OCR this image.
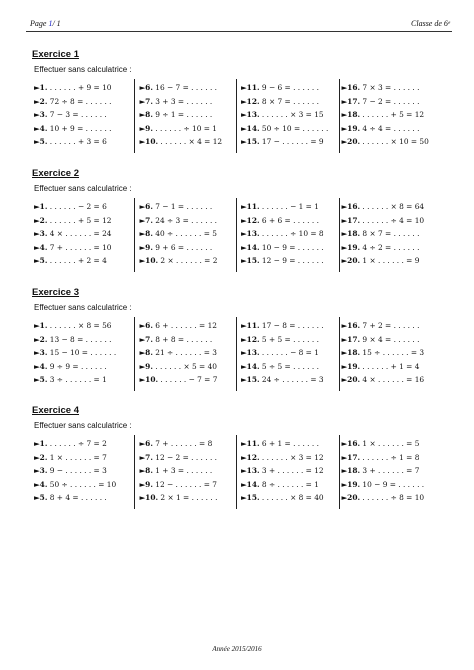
Page 1/ 1	Classe de 6ᵉ
Exercice 1
Effectuer sans calculatrice :
►1. . . . . . . + 9 = 10
►2. 72 ÷ 8 = . . . . . .
►3. 7 − 3 = . . . . . .
►4. 10 + 9 = . . . . . .
►5. . . . . . . + 3 = 6
►6. 16 − 7 = . . . . . .
►7. 3 + 3 = . . . . . .
►8. 9 ÷ 1 = . . . . . .
►9. . . . . . . ÷ 10 = 1
►10. . . . . . . × 4 = 12
►11. 9 − 6 = . . . . . .
►12. 8 × 7 = . . . . . .
►13. . . . . . . × 3 = 15
►14. 50 ÷ 10 = . . . . . .
►15. 17 − . . . . . . = 9
►16. 7 × 3 = . . . . . .
►17. 7 − 2 = . . . . . .
►18. . . . . . . + 5 = 12
►19. 4 ÷ 4 = . . . . . .
►20. . . . . . . × 10 = 50
Exercice 2
Effectuer sans calculatrice :
►1. . . . . . . − 2 = 6
►2. . . . . . . + 5 = 12
►3. 4 × . . . . . . = 24
►4. 7 + . . . . . . = 10
►5. . . . . . . + 2 = 4
►6. 7 − 1 = . . . . . .
►7. 24 ÷ 3 = . . . . . .
►8. 40 ÷ . . . . . . = 5
►9. 9 + 6 = . . . . . .
►10. 2 × . . . . . . = 2
►11. . . . . . . − 1 = 1
►12. 6 + 6 = . . . . . .
►13. . . . . . . ÷ 10 = 8
►14. 10 − 9 = . . . . . .
►15. 12 − 9 = . . . . . .
►16. . . . . . . × 8 = 64
►17. . . . . . . ÷ 4 = 10
►18. 8 × 7 = . . . . . .
►19. 4 ÷ 2 = . . . . . .
►20. 1 × . . . . . . = 9
Exercice 3
Effectuer sans calculatrice :
►1. . . . . . . × 8 = 56
►2. 13 − 8 = . . . . . .
►3. 15 − 10 = . . . . . .
►4. 9 ÷ 9 = . . . . . .
►5. 3 ÷ . . . . . . = 1
►6. 6 + . . . . . . = 12
►7. 8 + 8 = . . . . . .
►8. 21 ÷ . . . . . . = 3
►9. . . . . . . × 5 = 40
►10. . . . . . . − 7 = 7
►11. 17 − 8 = . . . . . .
►12. 5 + 5 = . . . . . .
►13. . . . . . . − 8 = 1
►14. 5 ÷ 5 = . . . . . .
►15. 24 ÷ . . . . . . = 3
►16. 7 + 2 = . . . . . .
►17. 9 × 4 = . . . . . .
►18. 15 ÷ . . . . . . = 3
►19. . . . . . . + 1 = 4
►20. 4 × . . . . . . = 16
Exercice 4
Effectuer sans calculatrice :
►1. . . . . . . ÷ 7 = 2
►2. 1 × . . . . . . = 7
►3. 9 − . . . . . . = 3
►4. 50 ÷ . . . . . . = 10
►5. 8 + 4 = . . . . . .
►6. 7 + . . . . . . = 8
►7. 12 − 2 = . . . . . .
►8. 1 + 3 = . . . . . .
►9. 12 − . . . . . . = 7
►10. 2 × 1 = . . . . . .
►11. 6 + 1 = . . . . . .
►12. . . . . . . × 3 = 12
►13. 3 + . . . . . . = 12
►14. 8 ÷ . . . . . . = 1
►15. . . . . . . × 8 = 40
►16. 1 × . . . . . . = 5
►17. . . . . . . ÷ 1 = 8
►18. 3 + . . . . . . = 7
►19. 10 − 9 = . . . . . .
►20. . . . . . . ÷ 8 = 10
Année 2015/2016
